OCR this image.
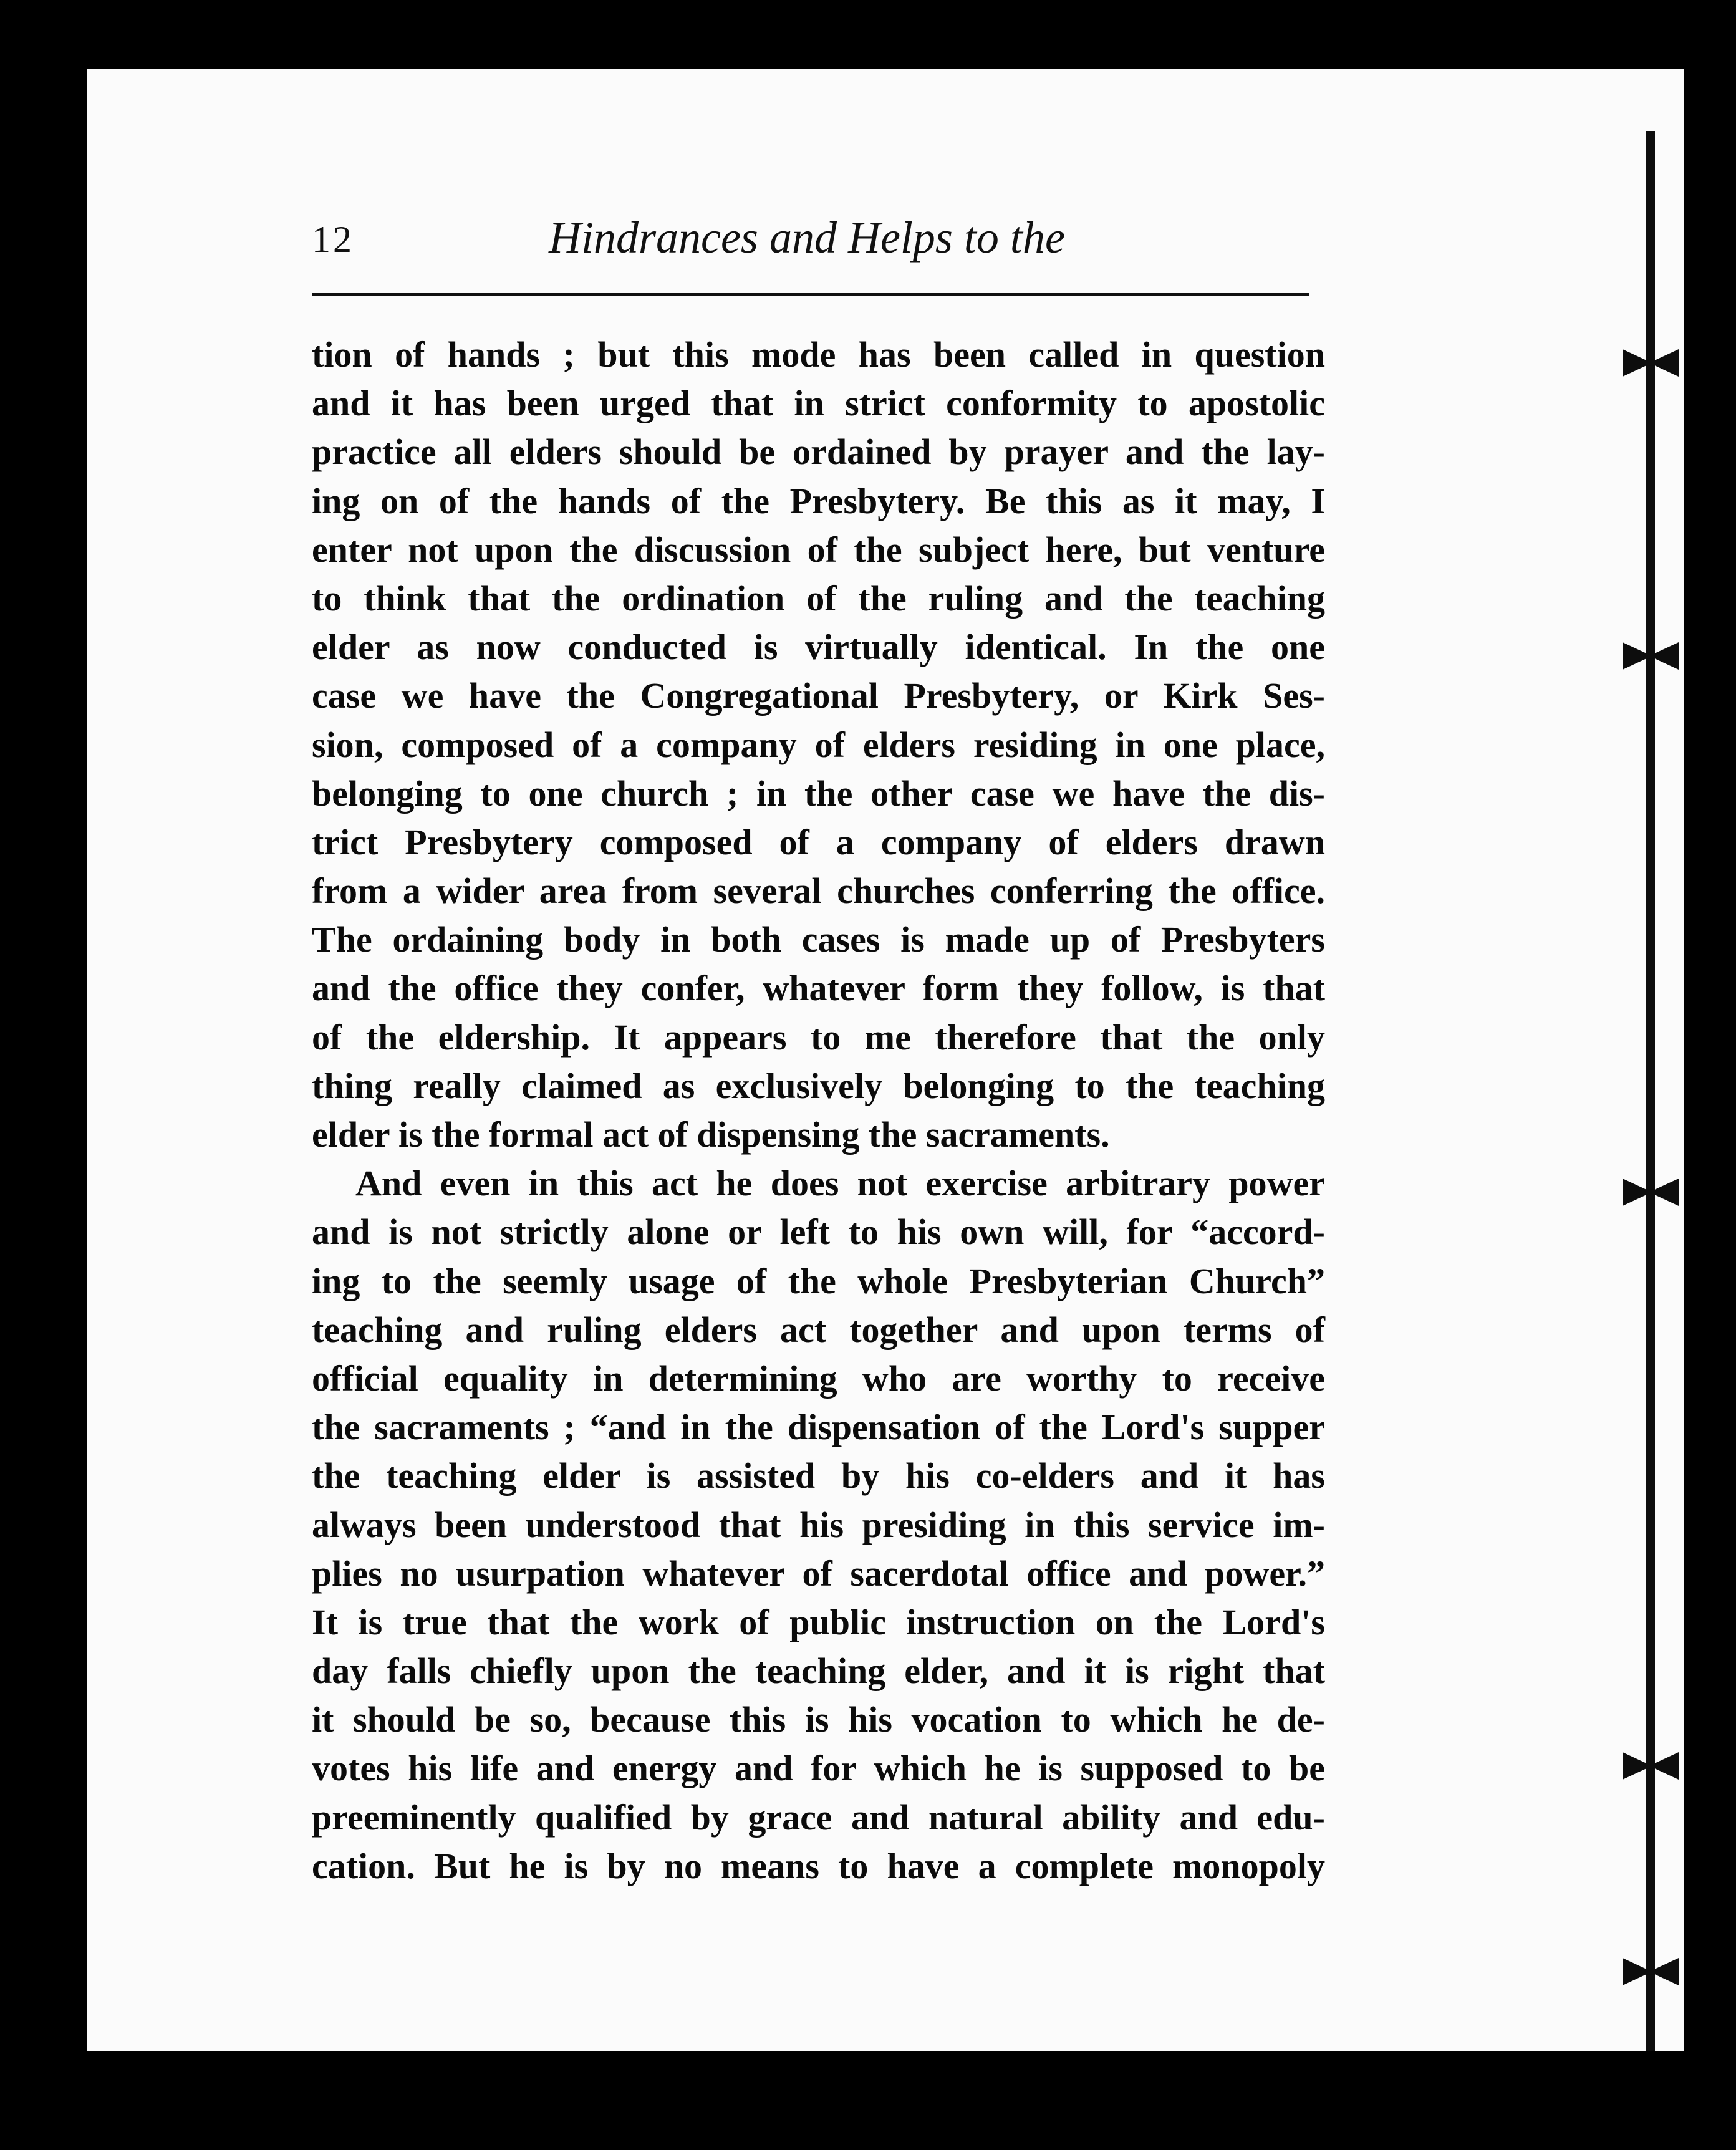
12	Hindrances and Helps to the
tion of hands ; but this mode has been called in question
and it has been urged that in strict conformity to apostolic
practice all elders should be ordained by prayer and the lay-
ing on of the hands of the Presbytery. Be this as it may, I
enter not upon the discussion of the subject here, but venture
to think that the ordination of the ruling and the teaching
elder as now conducted is virtually identical. In the one
case we have the Congregational Presbytery, or Kirk Ses-
sion, composed of a company of elders residing in one place,
belonging to one church ; in the other case we have the dis-
trict Presbytery composed of a company of elders drawn
from a wider area from several churches conferring the office.
The ordaining body in both cases is made up of Presbyters
and the office they confer, whatever form they follow, is that
of the eldership. It appears to me therefore that the only
thing really claimed as exclusively belonging to the teaching
elder is the formal act of dispensing the sacraments.
And even in this act he does not exercise arbitrary power
and is not strictly alone or left to his own will, for “accord-
ing to the seemly usage of the whole Presbyterian Church”
teaching and ruling elders act together and upon terms of
official equality in determining who are worthy to receive
the sacraments ; “and in the dispensation of the Lord's supper
the teaching elder is assisted by his co-elders and it has
always been understood that his presiding in this service im-
plies no usurpation whatever of sacerdotal office and power.”
It is true that the work of public instruction on the Lord's
day falls chiefly upon the teaching elder, and it is right that
it should be so, because this is his vocation to which he de-
votes his life and energy and for which he is supposed to be
preeminently qualified by grace and natural ability and edu-
cation. But he is by no means to have a complete monopoly
